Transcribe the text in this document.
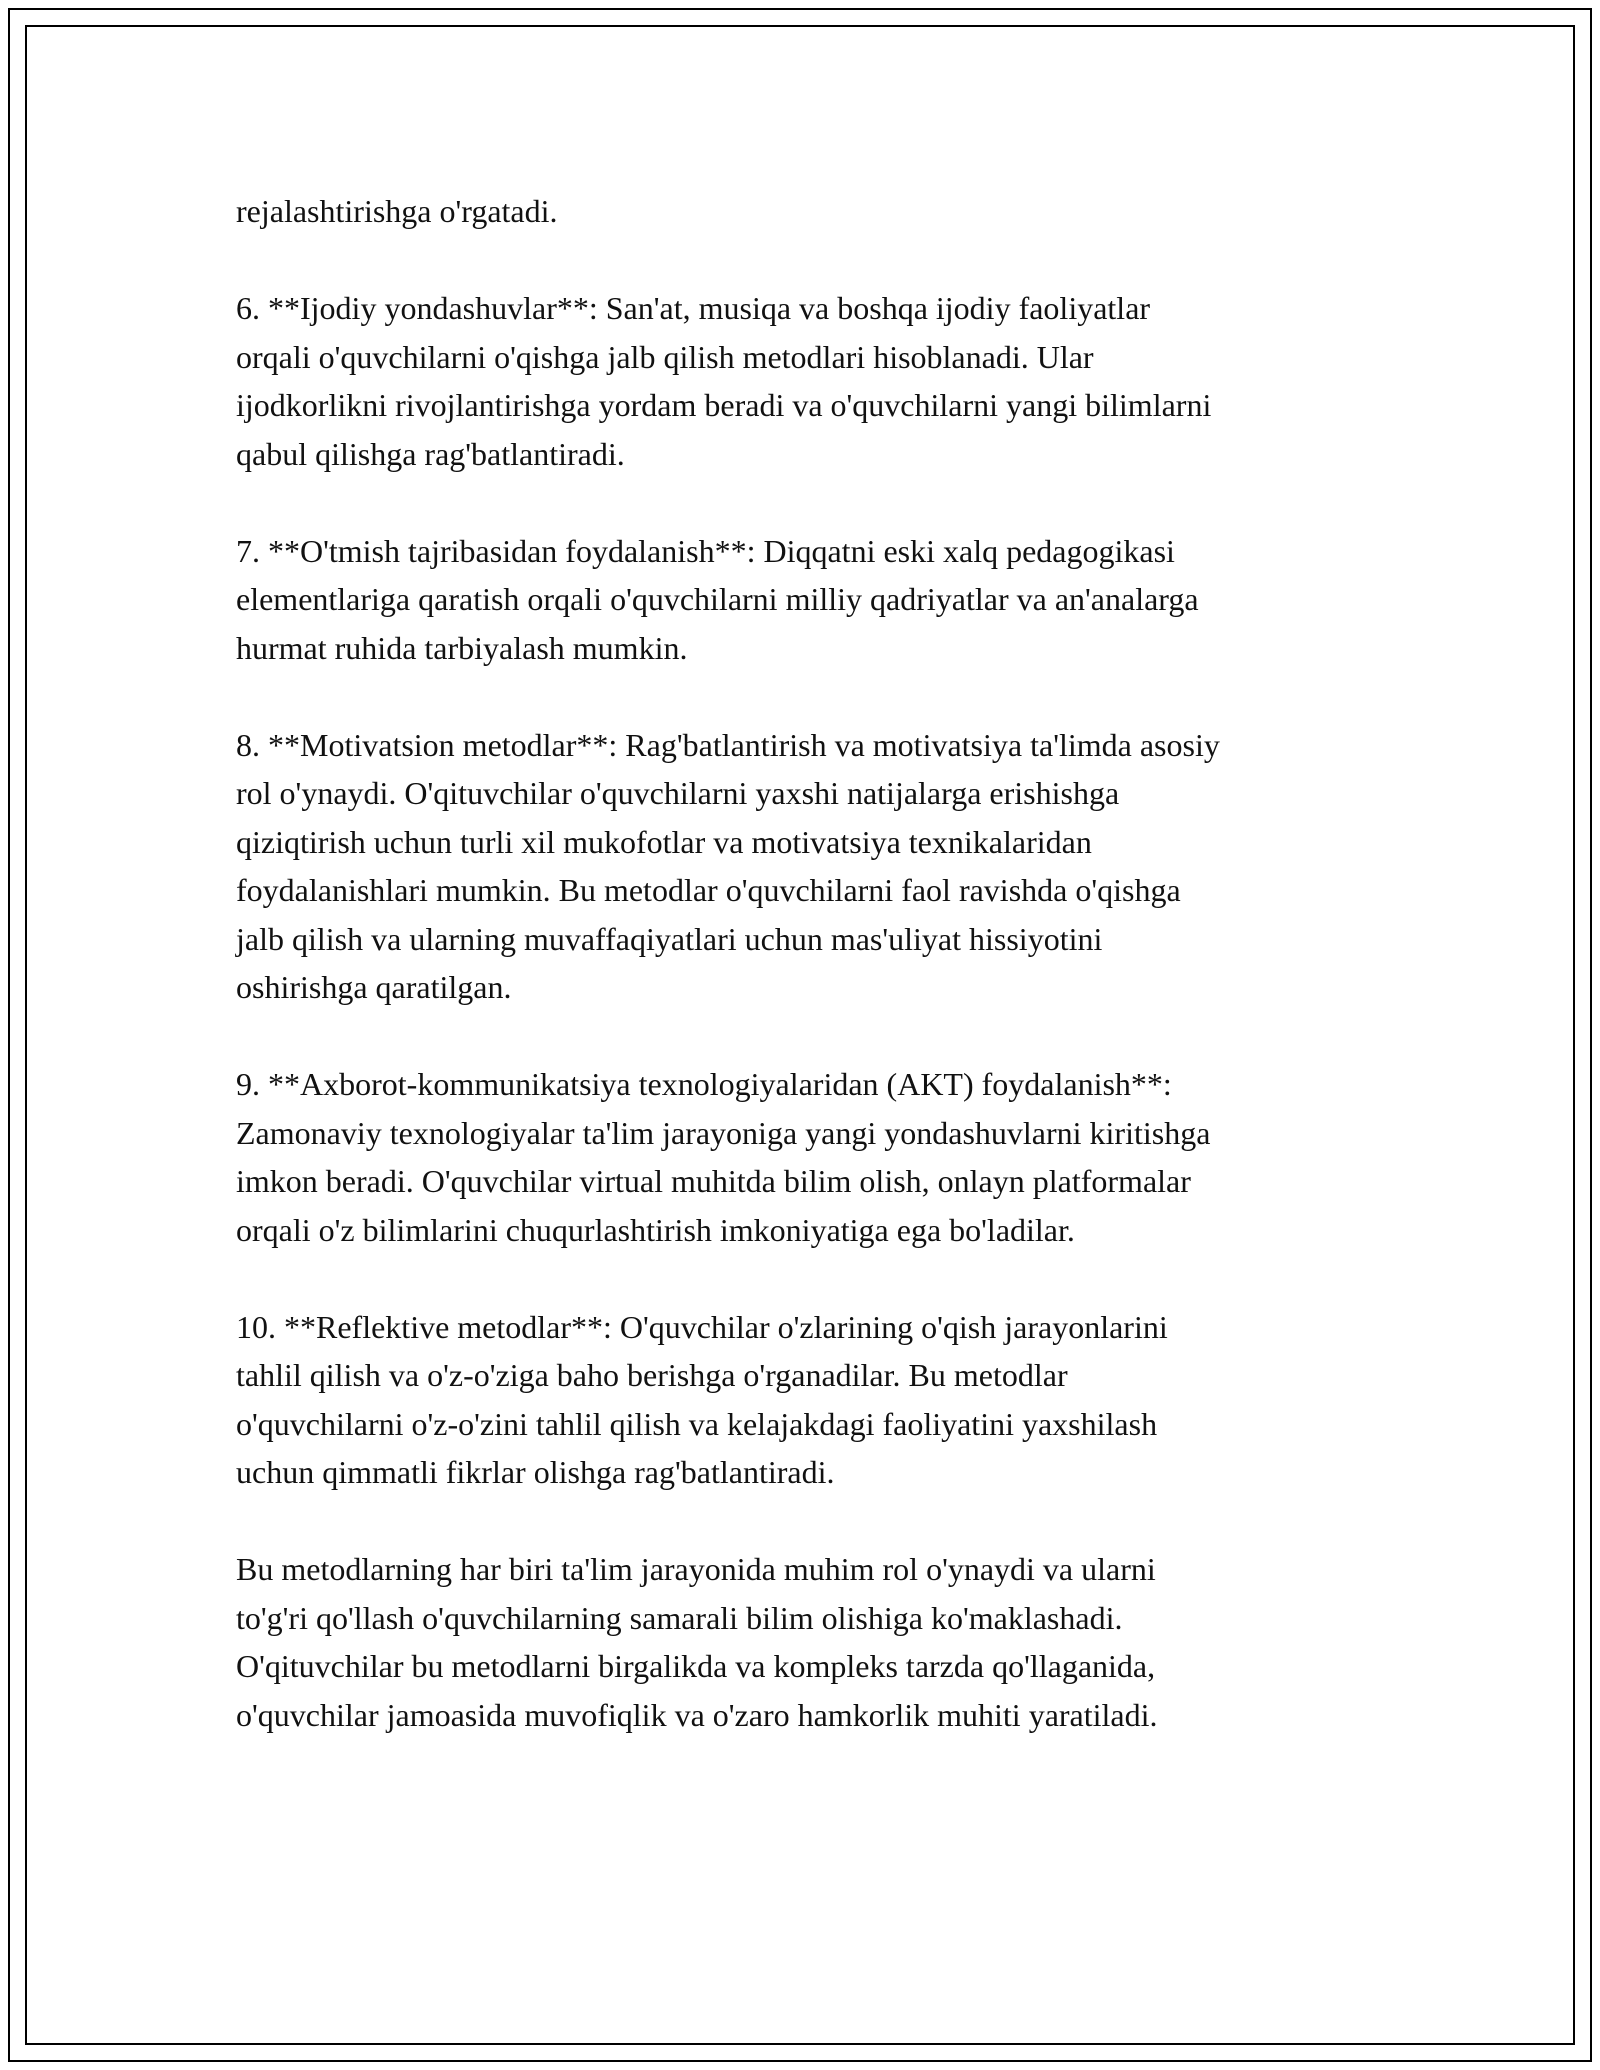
rejalashtirishga o'rgatadi.

6. **Ijodiy yondashuvlar**: San'at, musiqa va boshqa ijodiy faoliyatlar
orqali o'quvchilarni o'qishga jalb qilish metodlari hisoblanadi. Ular
ijodkorlikni rivojlantirishga yordam beradi va o'quvchilarni yangi bilimlarni
qabul qilishga rag'batlantiradi.

7. **O'tmish tajribasidan foydalanish**: Diqqatni eski xalq pedagogikasi
elementlariga qaratish orqali o'quvchilarni milliy qadriyatlar va an'analarga
hurmat ruhida tarbiyalash mumkin.

8. **Motivatsion metodlar**: Rag'batlantirish va motivatsiya ta'limda asosiy
rol o'ynaydi. O'qituvchilar o'quvchilarni yaxshi natijalarga erishishga
qiziqtirish uchun turli xil mukofotlar va motivatsiya texnikalaridan
foydalanishlari mumkin. Bu metodlar o'quvchilarni faol ravishda o'qishga
jalb qilish va ularning muvaffaqiyatlari uchun mas'uliyat hissiyotini
oshirishga qaratilgan.

9. **Axborot-kommunikatsiya texnologiyalaridan (AKT) foydalanish**:
Zamonaviy texnologiyalar ta'lim jarayoniga yangi yondashuvlarni kiritishga
imkon beradi. O'quvchilar virtual muhitda bilim olish, onlayn platformalar
orqali o'z bilimlarini chuqurlashtirish imkoniyatiga ega bo'ladilar.

10. **Reflektive metodlar**: O'quvchilar o'zlarining o'qish jarayonlarini
tahlil qilish va o'z-o'ziga baho berishga o'rganadilar. Bu metodlar
o'quvchilarni o'z-o'zini tahlil qilish va kelajakdagi faoliyatini yaxshilash
uchun qimmatli fikrlar olishga rag'batlantiradi.

Bu metodlarning har biri ta'lim jarayonida muhim rol o'ynaydi va ularni
to'g'ri qo'llash o'quvchilarning samarali bilim olishiga ko'maklashadi.
O'qituvchilar bu metodlarni birgalikda va kompleks tarzda qo'llaganida,
o'quvchilar jamoasida muvofiqlik va o'zaro hamkorlik muhiti yaratiladi.
